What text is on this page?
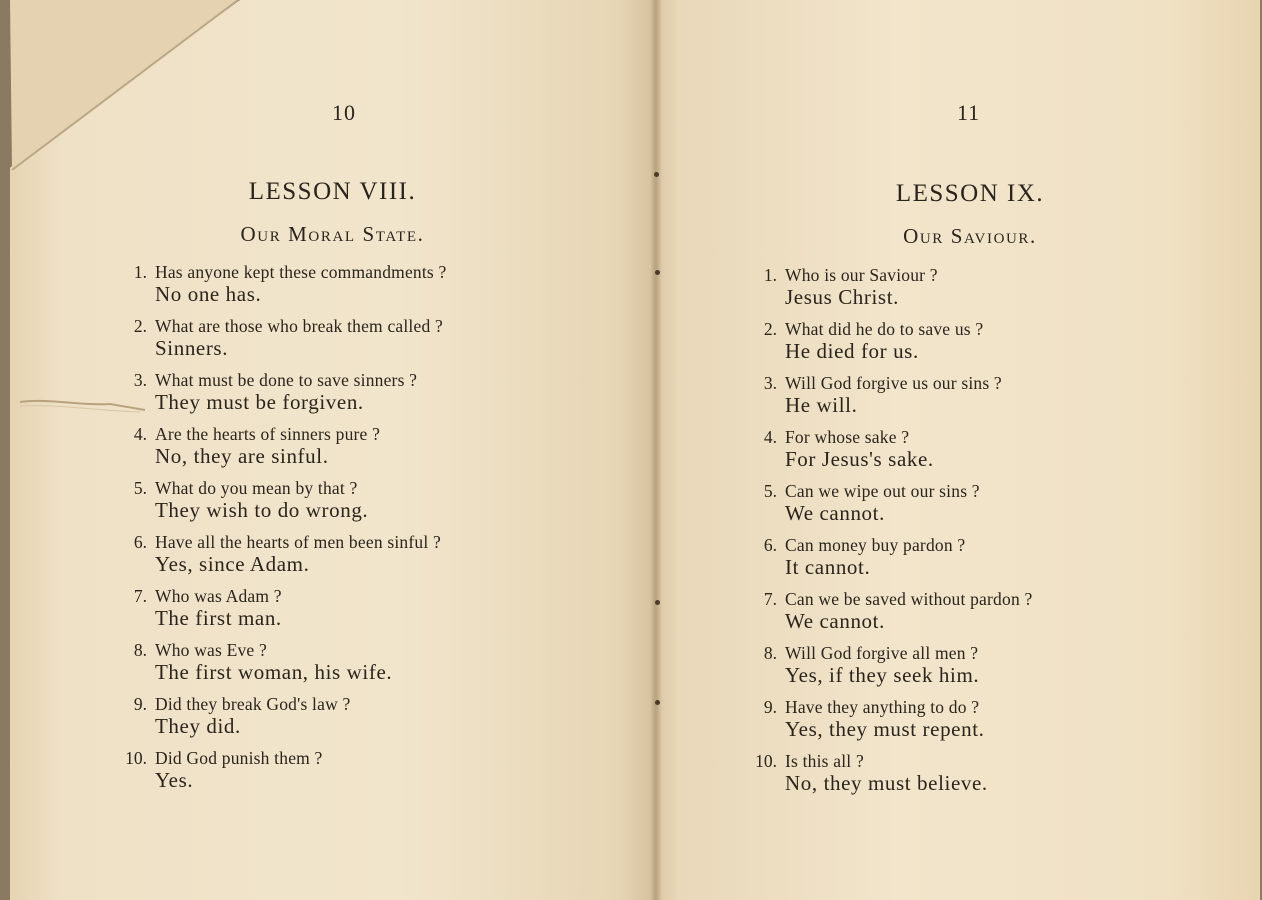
10
LESSON VIII.
Our Moral State.
1. Has anyone kept these commandments ?
No one has.
2. What are those who break them called ?
Sinners.
3. What must be done to save sinners ?
They must be forgiven.
4. Are the hearts of sinners pure ?
No, they are sinful.
5. What do you mean by that ?
They wish to do wrong.
6. Have all the hearts of men been sinful ?
Yes, since Adam.
7. Who was Adam ?
The first man.
8. Who was Eve ?
The first woman, his wife.
9. Did they break God's law ?
They did.
10. Did God punish them ?
Yes.
11
LESSON IX.
Our Saviour.
1. Who is our Saviour ?
Jesus Christ.
2. What did he do to save us ?
He died for us.
3. Will God forgive us our sins ?
He will.
4. For whose sake ?
For Jesus's sake.
5. Can we wipe out our sins ?
We cannot.
6. Can money buy pardon ?
It cannot.
7. Can we be saved without pardon ?
We cannot.
8. Will God forgive all men ?
Yes, if they seek him.
9. Have they anything to do ?
Yes, they must repent.
10. Is this all ?
No, they must believe.
